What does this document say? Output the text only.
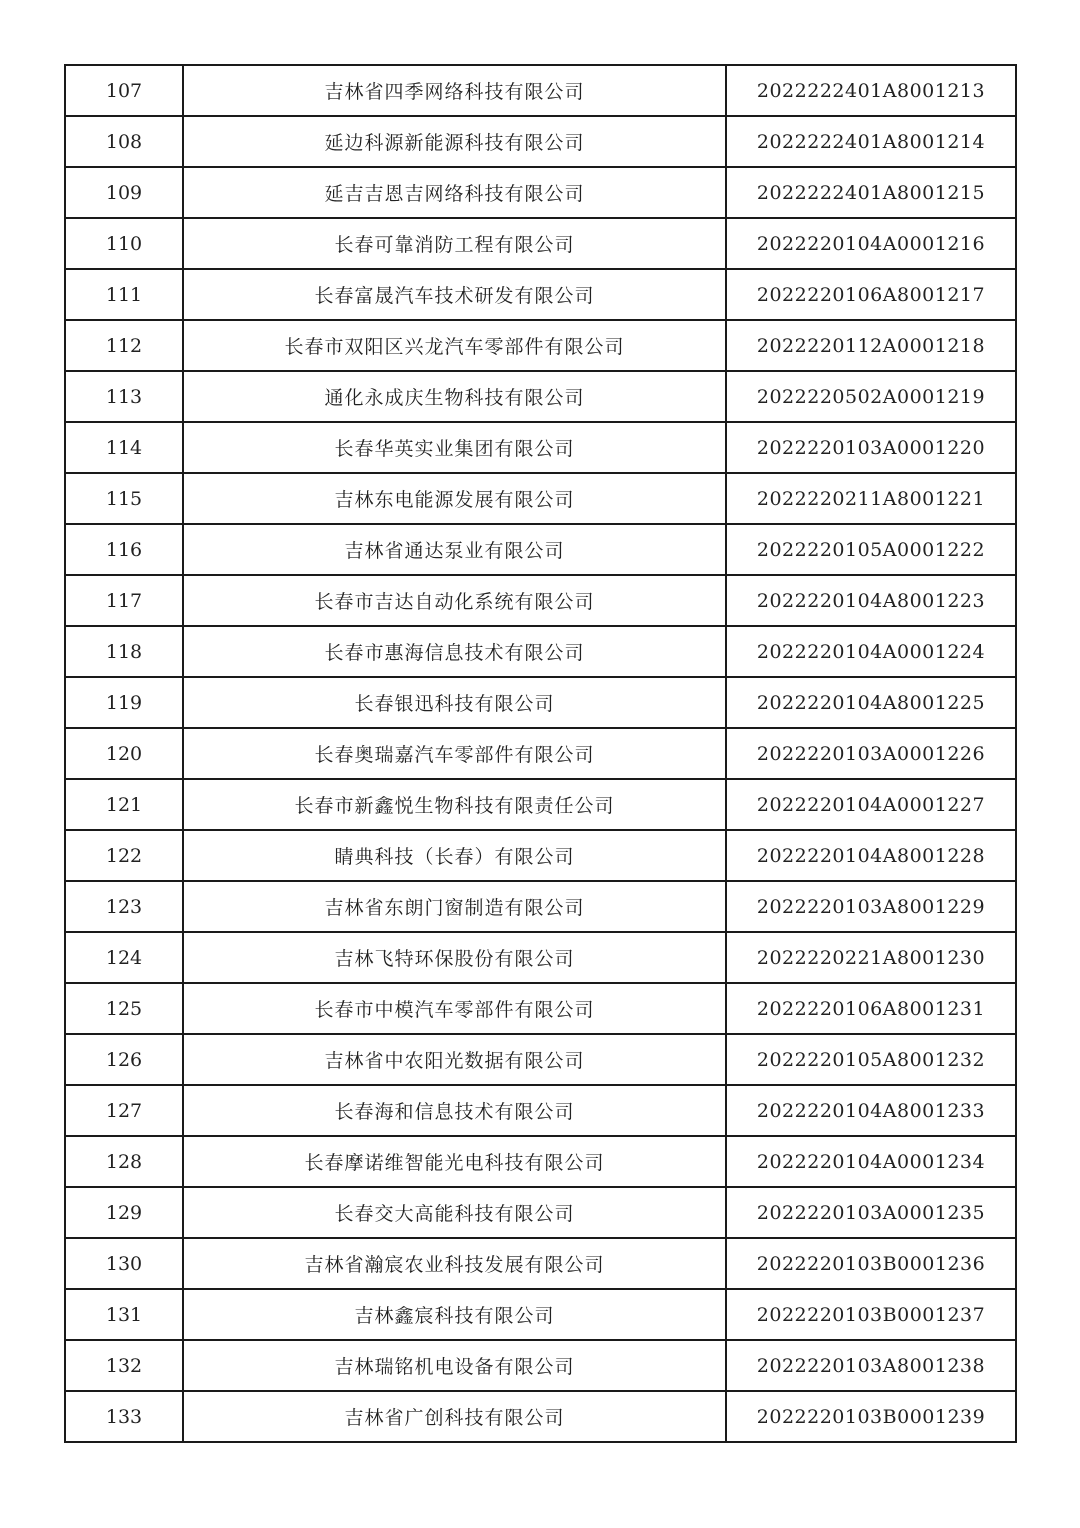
107	吉林省四季网络科技有限公司	2022222401A8001213
108	延边科源新能源科技有限公司	2022222401A8001214
109	延吉吉恩吉网络科技有限公司	2022222401A8001215
110	长春可靠消防工程有限公司	2022220104A0001216
111	长春富晟汽车技术研发有限公司	2022220106A8001217
112	长春市双阳区兴龙汽车零部件有限公司	2022220112A0001218
113	通化永成庆生物科技有限公司	2022220502A0001219
114	长春华英实业集团有限公司	2022220103A0001220
115	吉林东电能源发展有限公司	2022220211A8001221
116	吉林省通达泵业有限公司	2022220105A0001222
117	长春市吉达自动化系统有限公司	2022220104A8001223
118	长春市惠海信息技术有限公司	2022220104A0001224
119	长春银迅科技有限公司	2022220104A8001225
120	长春奥瑞嘉汽车零部件有限公司	2022220103A0001226
121	长春市新鑫悦生物科技有限责任公司	2022220104A0001227
122	睛典科技（长春）有限公司	2022220104A8001228
123	吉林省东朗门窗制造有限公司	2022220103A8001229
124	吉林飞特环保股份有限公司	2022220221A8001230
125	长春市中模汽车零部件有限公司	2022220106A8001231
126	吉林省中农阳光数据有限公司	2022220105A8001232
127	长春海和信息技术有限公司	2022220104A8001233
128	长春摩诺维智能光电科技有限公司	2022220104A0001234
129	长春交大高能科技有限公司	2022220103A0001235
130	吉林省瀚宸农业科技发展有限公司	2022220103B0001236
131	吉林鑫宸科技有限公司	2022220103B0001237
132	吉林瑞铭机电设备有限公司	2022220103A8001238
133	吉林省广创科技有限公司	2022220103B0001239
